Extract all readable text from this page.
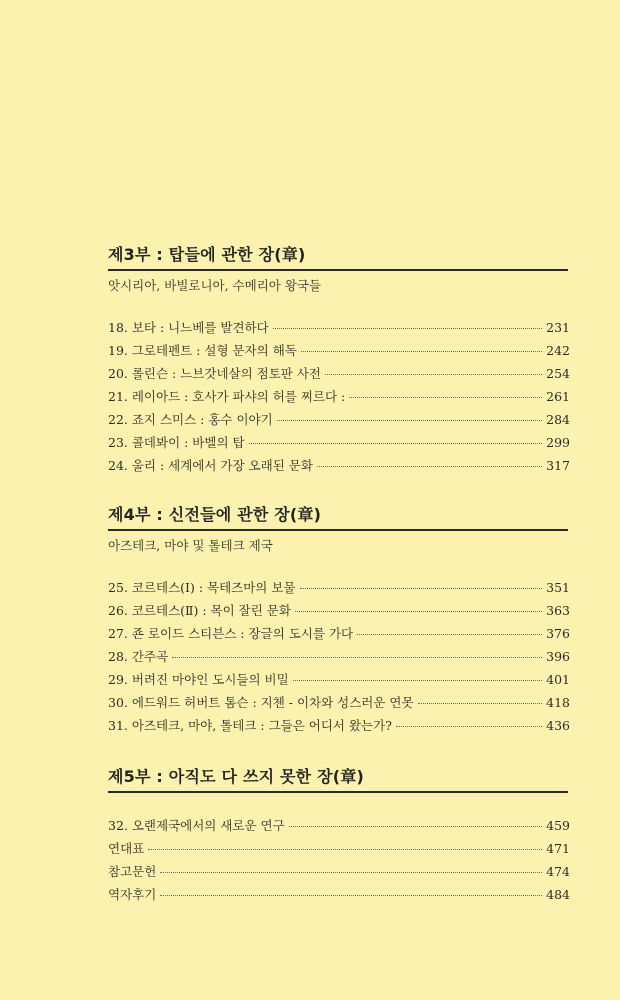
제3부 : 탑들에 관한 장(章)
앗시리아, 바빌로니아, 수메리아 왕국들
18. 보타 : 니느베를 발견하다	231
19. 그로테펜트 : 설형 문자의 해독	242
20. 롤린슨 : 느브갓네살의 점토판 사전	254
21. 레이아드 : 호사가 파샤의 허를 찌르다 :	261
22. 죠지 스미스 : 홍수 이야기	284
23. 콜데봐이 : 바벨의 탑	299
24. 울리 : 세계에서 가장 오래된 문화	317
제4부 : 신전들에 관한 장(章)
아즈테크, 마야 및 톨테크 제국
25. 코르테스(Ⅰ) : 목테즈마의 보물	351
26. 코르테스(Ⅱ) : 목이 잘린 문화	363
27. 죤 로이드 스티븐스 : 장글의 도시를 가다	376
28. 간주곡	396
29. 버려진 마야인 도시들의 비밀	401
30. 에드워드 허버트 톰슨 : 지첸 - 이차와 성스러운 연못	418
31. 아즈테크, 마야, 톨테크 : 그들은 어디서 왔는가?	436
제5부 : 아직도 다 쓰지 못한 장(章)
32. 오랜제국에서의 새로운 연구	459
연대표	471
참고문헌	474
역자후기	484
